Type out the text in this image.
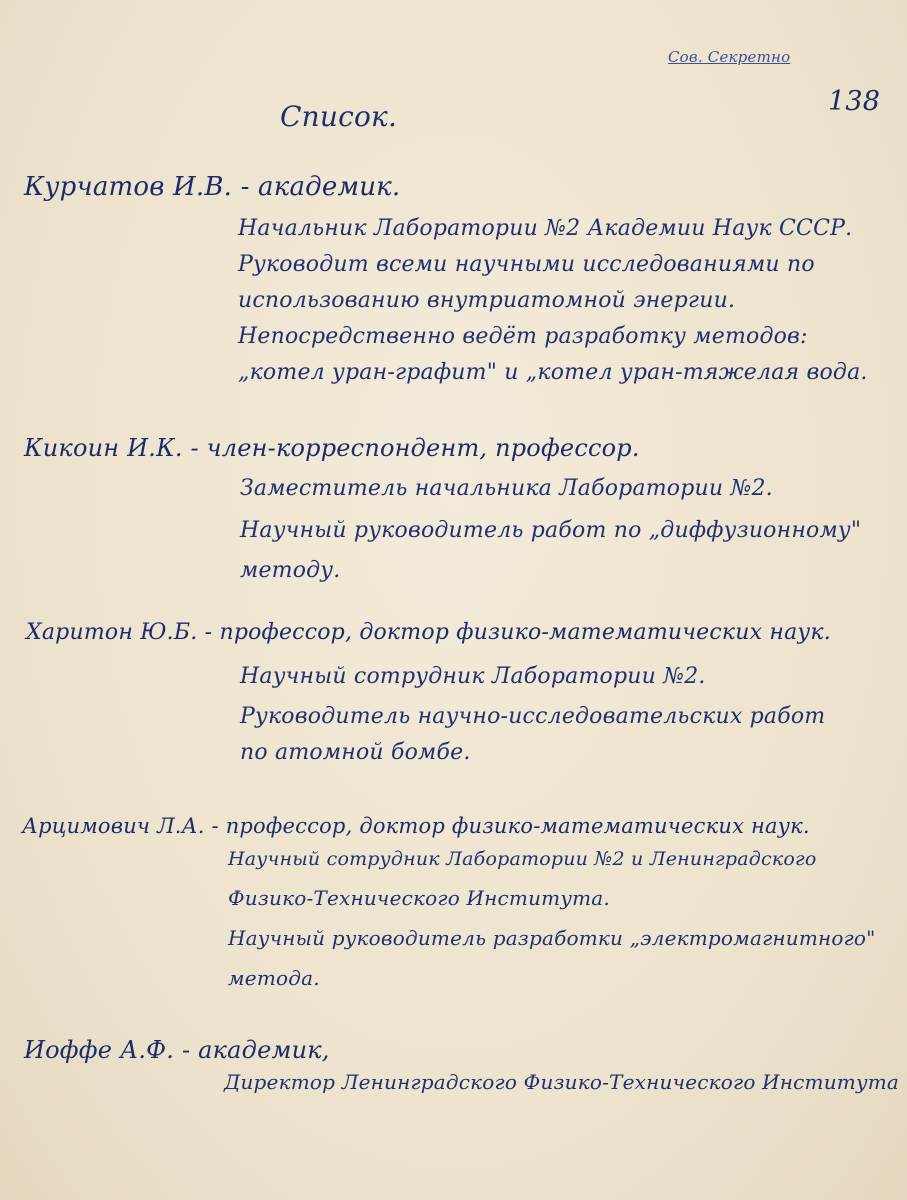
Сов. Секретно
138
Список.
Курчатов И.В. - академик.
Начальник Лаборатории №2 Академии Наук СССР.
Руководит всеми научными исследованиями по
использованию внутриатомной энергии.
Непосредственно ведёт разработку методов:
„котел уран-графит" и „котел уран-тяжелая вода.
Кикоин И.К. - член-корреспондент, профессор.
Заместитель начальника Лаборатории №2.
Научный руководитель работ по „диффузионному"
методу.
Харитон Ю.Б. - профессор, доктор физико-математических наук.
Научный сотрудник Лаборатории №2.
Руководитель научно-исследовательских работ
по атомной бомбе.
Арцимович Л.А. - профессор, доктор физико-математических наук.
Научный сотрудник Лаборатории №2 и Ленинградского
Физико-Технического Института.
Научный руководитель разработки „электромагнитного"
метода.
Иоффе А.Ф. - академик,
Директор Ленинградского Физико-Технического Института
